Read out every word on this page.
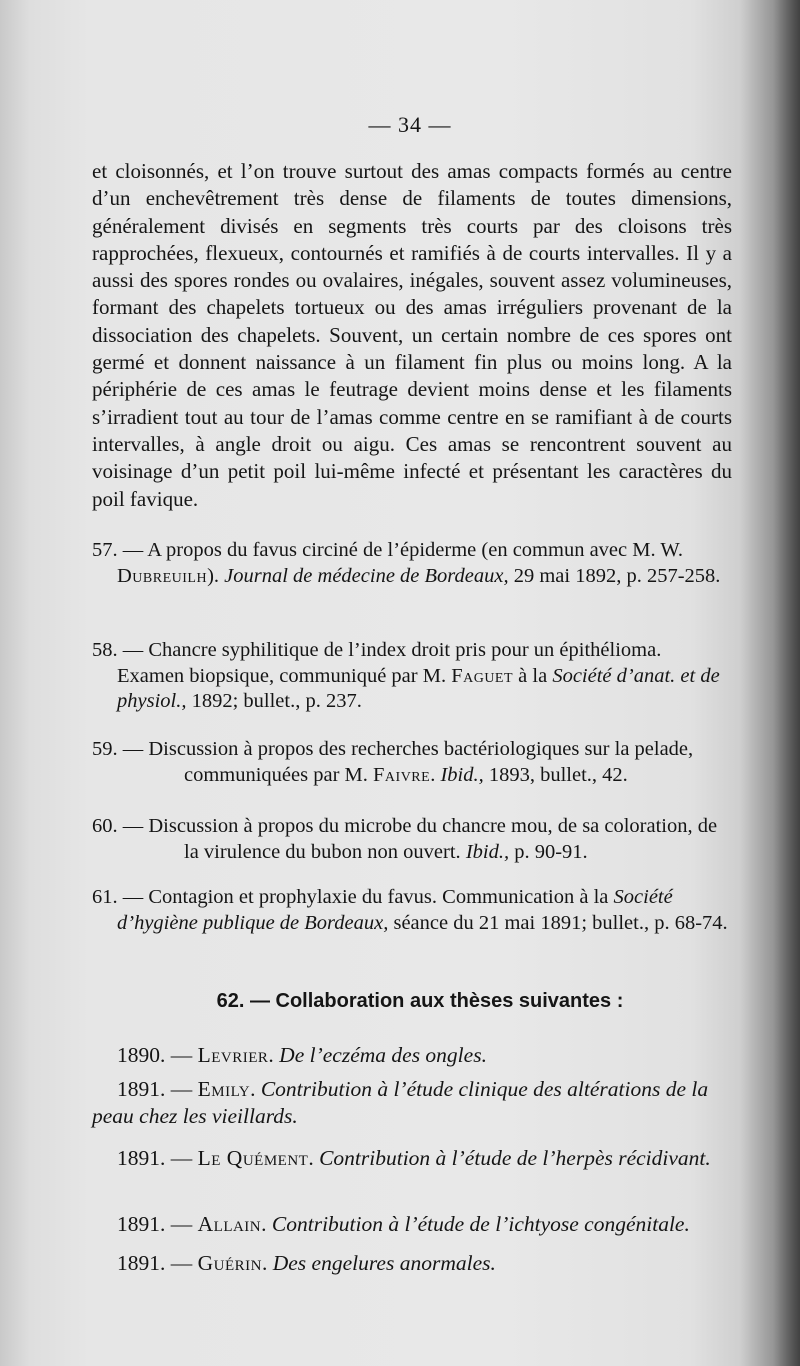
— 34 —

et cloisonnés, et l’on trouve surtout des amas compacts formés au centre d’un enchevêtrement très dense de filaments de toutes dimensions, généralement divisés en segments très courts par des cloisons très rapprochées, flexueux, contournés et ramifiés à de courts intervalles. Il y a aussi des spores rondes ou ovalaires, inégales, souvent assez volumineuses, formant des chapelets tortueux ou des amas irréguliers provenant de la dissociation des chapelets. Souvent, un certain nombre de ces spores ont germé et donnent naissance à un filament fin plus ou moins long. A la périphérie de ces amas le feutrage devient moins dense et les filaments s’irradient tout au tour de l’amas comme centre en se ramifiant à de courts intervalles, à angle droit ou aigu. Ces amas se rencontrent souvent au voisinage d’un petit poil lui-même infecté et présentant les caractères du poil favique.

57. — A propos du favus circiné de l’épiderme (en commun avec M. W. Dubreuilh). Journal de médecine de Bordeaux, 29 mai 1892, p. 257-258.

58. — Chancre syphilitique de l’index droit pris pour un épithélioma. Examen biopsique, communiqué par M. Faguet à la Société d’anat. et de physiol., 1892; bullet., p. 237.

59. — Discussion à propos des recherches bactériologiques sur la pelade, communiquées par M. Faivre. Ibid., 1893, bullet., 42.

60. — Discussion à propos du microbe du chancre mou, de sa coloration, de la virulence du bubon non ouvert. Ibid., p. 90-91.

61. — Contagion et prophylaxie du favus. Communication à la Société d’hygiène publique de Bordeaux, séance du 21 mai 1891; bullet., p. 68-74.

62. — Collaboration aux thèses suivantes :

1890. — Levrier. De l’eczéma des ongles.

1891. — Emily. Contribution à l’étude clinique des altérations de la peau chez les vieillards.

1891. — Le Quément. Contribution à l’étude de l’herpès récidivant.

1891. — Allain. Contribution à l’étude de l’ichtyose congénitale.

1891. — Guérin. Des engelures anormales.
